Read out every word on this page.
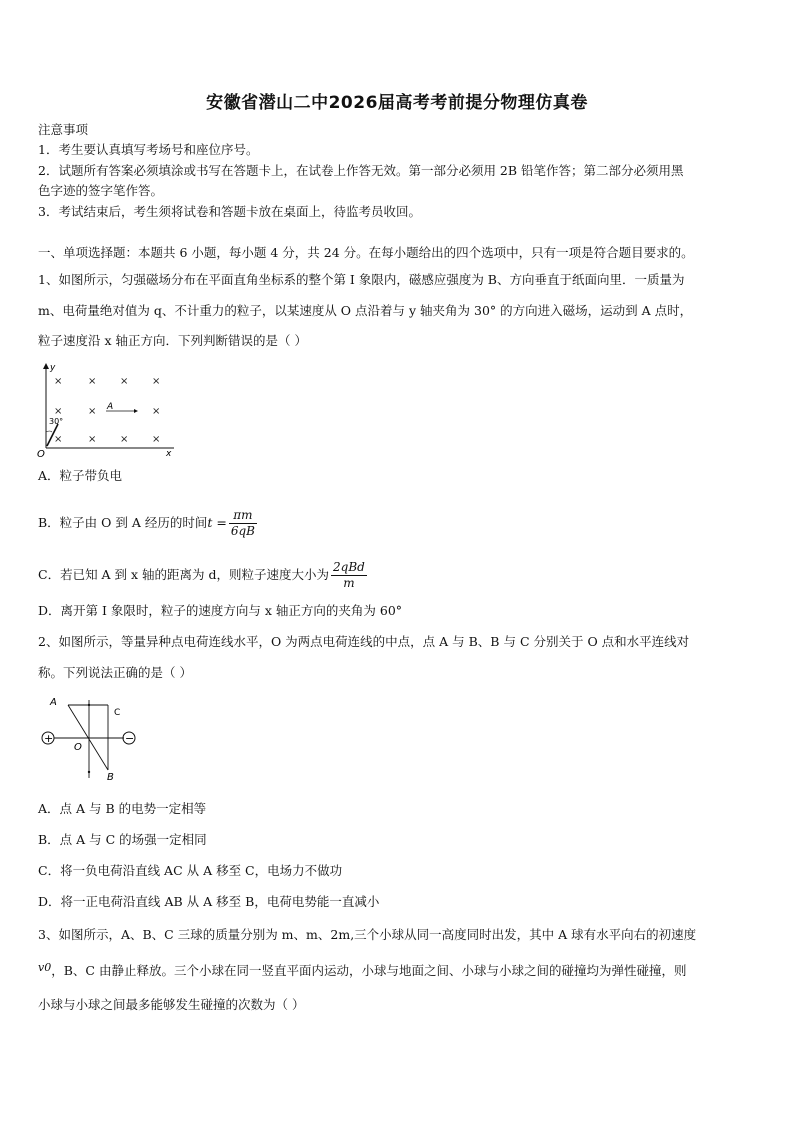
安徽省潜山二中2026届高考考前提分物理仿真卷
注意事项
1．考生要认真填写考场号和座位序号。
2．试题所有答案必须填涂或书写在答题卡上，在试卷上作答无效。第一部分必须用 2B 铅笔作答；第二部分必须用黑
色字迹的签字笔作答。
3．考试结束后，考生须将试卷和答题卡放在桌面上，待监考员收回。
一、单项选择题：本题共 6 小题，每小题 4 分，共 24 分。在每小题给出的四个选项中，只有一项是符合题目要求的。
1、如图所示，匀强磁场分布在平面直角坐标系的整个第 I 象限内，磁感应强度为 B、方向垂直于纸面向里．一质量为
m、电荷量绝对值为 q、不计重力的粒子，以某速度从 O 点沿着与 y 轴夹角为 30° 的方向进入磁场，运动到 A 点时，
粒子速度沿 x 轴正方向．下列判断错误的是（ ）
y
x
O
×	× × ×
×	×	×
×	× × ×
A
30°
A．粒子带负电
B．粒子由 O 到 A 经历的时间$t = \frac{\pi m}{6qB}$
C．若已知 A 到 x 轴的距离为 d，则粒子速度大小为 $\frac{\text{2qBd}}{m}$
D．离开第 I 象限时，粒子的速度方向与 x 轴正方向的夹角为 60°
2、如图所示，等量异种点电荷连线水平，O 为两点电荷连线的中点，点 A 与 B、B 与 C 分别关于 O 点和水平连线对
称。下列说法正确的是（ ）
+	−
A
C
O
B
A．点 A 与 B 的电势一定相等
B．点 A 与 C 的场强一定相同
C．将一负电荷沿直线 AC 从 A 移至 C，电场力不做功
D．将一正电荷沿直线 AB 从 A 移至 B，电荷电势能一直减小
3、如图所示，A、B、C 三球的质量分别为 m、m、2m,三个小球从同一高度同时出发，其中 A 球有水平向右的初速度
v0，B、C 由静止释放。三个小球在同一竖直平面内运动，小球与地面之间、小球与小球之间的碰撞均为弹性碰撞，则
小球与小球之间最多能够发生碰撞的次数为（ ）
